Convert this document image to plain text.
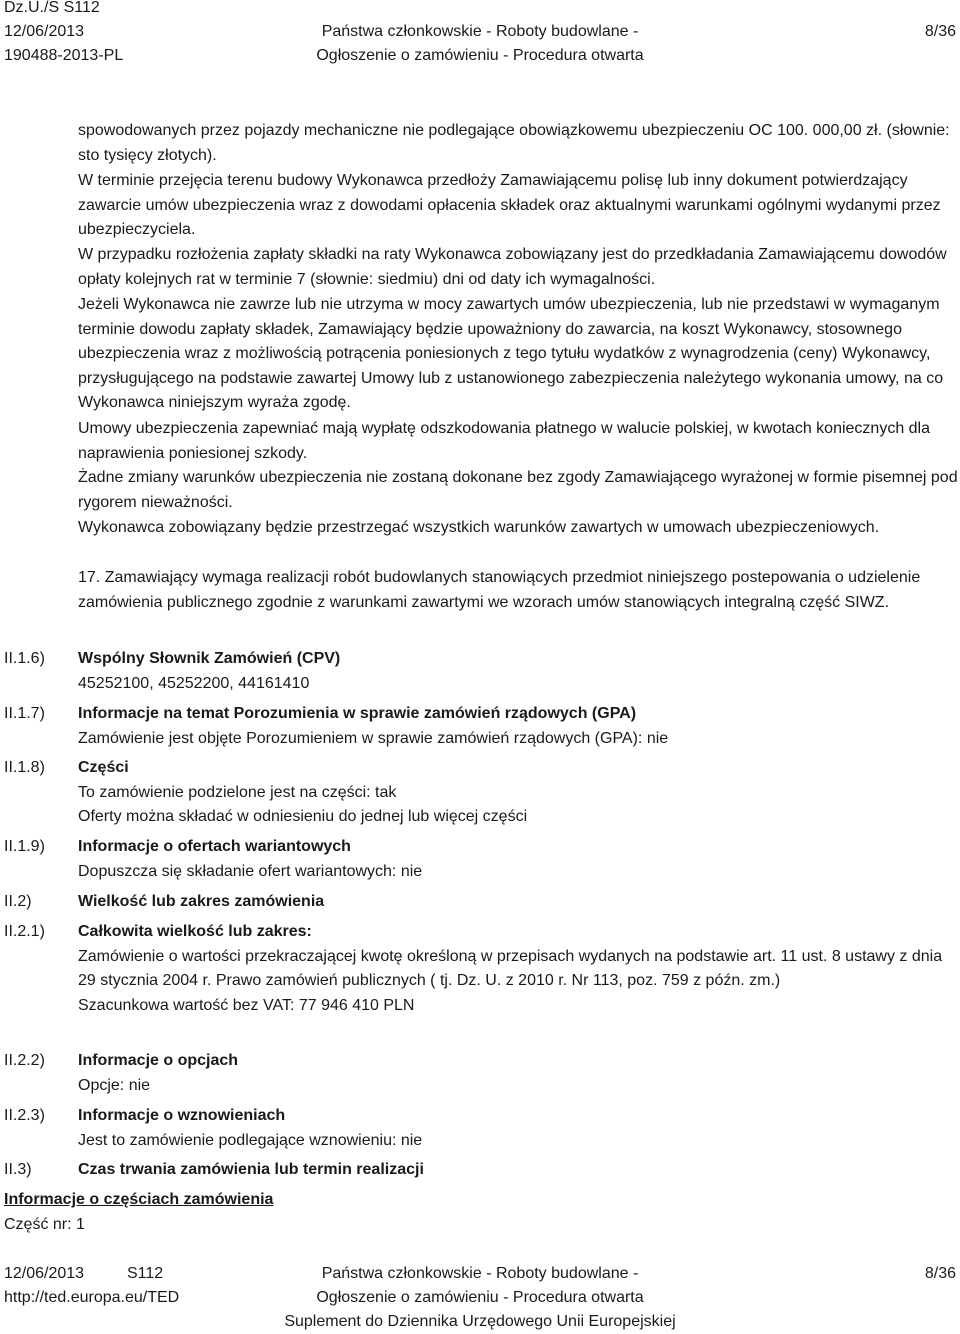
Dz.U./S S112
12/06/2013
190488-2013-PL
Państwa członkowskie - Roboty budowlane -
Ogłoszenie o zamówieniu - Procedura otwarta
8/36

spowodowanych przez pojazdy mechaniczne nie podlegające obowiązkowemu ubezpieczeniu OC 100. 000,00 zł. (słownie: sto tysięcy złotych).

W terminie przejęcia terenu budowy Wykonawca przedłoży Zamawiającemu polisę lub inny dokument potwierdzający zawarcie umów ubezpieczenia wraz z dowodami opłacenia składek oraz aktualnymi warunkami ogólnymi wydanymi przez ubezpieczyciela.

W przypadku rozłożenia zapłaty składki na raty Wykonawca zobowiązany jest do przedkładania Zamawiającemu dowodów opłaty kolejnych rat w terminie 7 (słownie: siedmiu) dni od daty ich wymagalności.

Jeżeli Wykonawca nie zawrze lub nie utrzyma w mocy zawartych umów ubezpieczenia, lub nie przedstawi w wymaganym terminie dowodu zapłaty składek, Zamawiający będzie upoważniony do zawarcia, na koszt Wykonawcy, stosownego ubezpieczenia wraz z możliwością potrącenia poniesionych z tego tytułu wydatków z wynagrodzenia (ceny) Wykonawcy, przysługującego na podstawie zawartej Umowy lub z ustanowionego zabezpieczenia należytego wykonania umowy, na co Wykonawca niniejszym wyraża zgodę.

Umowy ubezpieczenia zapewniać mają wypłatę odszkodowania płatnego w walucie polskiej, w kwotach koniecznych dla naprawienia poniesionej szkody.

Żadne zmiany warunków ubezpieczenia nie zostaną dokonane bez zgody Zamawiającego wyrażonej w formie pisemnej pod rygorem nieważności.

Wykonawca zobowiązany będzie przestrzegać wszystkich warunków zawartych w umowach ubezpieczeniowych.

17. Zamawiający wymaga realizacji robót budowlanych stanowiących przedmiot niniejszego postepowania o udzielenie zamówienia publicznego zgodnie z warunkami zawartymi we wzorach umów stanowiących integralną część SIWZ.

II.1.6) Wspólny Słownik Zamówień (CPV)
45252100, 45252200, 44161410
II.1.7) Informacje na temat Porozumienia w sprawie zamówień rządowych (GPA)
Zamówienie jest objęte Porozumieniem w sprawie zamówień rządowych (GPA): nie
II.1.8) Części
To zamówienie podzielone jest na części: tak
Oferty można składać w odniesieniu do jednej lub więcej części
II.1.9) Informacje o ofertach wariantowych
Dopuszcza się składanie ofert wariantowych: nie
II.2)	Wielkość lub zakres zamówienia
II.2.1) Całkowita wielkość lub zakres:
Zamówienie o wartości przekraczającej kwotę określoną w przepisach wydanych na podstawie art. 11 ust. 8 ustawy z dnia 29 stycznia 2004 r. Prawo zamówień publicznych ( tj. Dz. U. z 2010 r. Nr 113, poz. 759 z późn. zm.)
Szacunkowa wartość bez VAT: 77 946 410 PLN
II.2.2) Informacje o opcjach
Opcje: nie
II.2.3) Informacje o wznowieniach
Jest to zamówienie podlegające wznowieniu: nie
II.3)	Czas trwania zamówienia lub termin realizacji
Informacje o częściach zamówienia
Część nr: 1
12/06/2013	S112
http://ted.europa.eu/TED
Państwa członkowskie - Roboty budowlane -
Ogłoszenie o zamówieniu - Procedura otwarta
Suplement do Dziennika Urzędowego Unii Europejskiej
8/36
